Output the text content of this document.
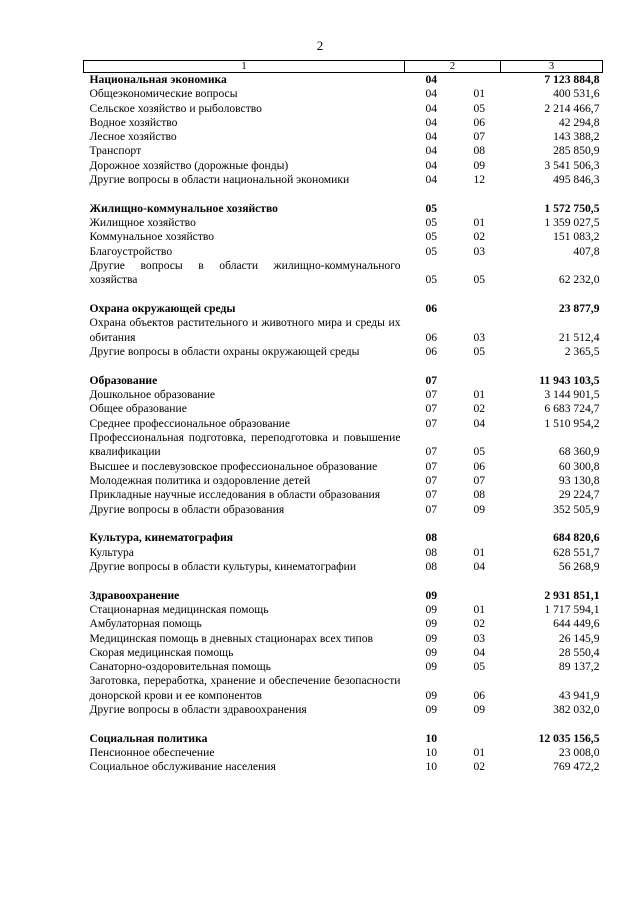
2
1	2		3
Национальная экономика	04		7 123 884,8
Общеэкономические вопросы	04	01	400 531,6
Сельское хозяйство и рыболовство	04	05	2 214 466,7
Водное хозяйство	04	06	42 294,8
Лесное хозяйство	04	07	143 388,2
Транспорт	04	08	285 850,9
Дорожное хозяйство (дорожные фонды)	04	09	3 541 506,3
Другие вопросы в области национальной экономики	04	12	495 846,3

Жилищно-коммунальное хозяйство	05		1 572 750,5
Жилищное хозяйство	05	01	1 359 027,5
Коммунальное хозяйство	05	02	151 083,2
Благоустройство	05	03	407,8
Другие вопросы в области жилищно-коммунального хозяйства	05	05	62 232,0

Охрана окружающей среды	06		23 877,9
Охрана объектов растительного и животного мира и среды их обитания	06	03	21 512,4
Другие вопросы в области охраны окружающей среды	06	05	2 365,5

Образование	07		11 943 103,5
Дошкольное образование	07	01	3 144 901,5
Общее образование	07	02	6 683 724,7
Среднее профессиональное образование	07	04	1 510 954,2
Профессиональная подготовка, переподготовка и повышение квалификации	07	05	68 360,9
Высшее и послевузовское профессиональное образование	07	06	60 300,8
Молодежная политика и оздоровление детей	07	07	93 130,8
Прикладные научные исследования в области образования	07	08	29 224,7
Другие вопросы в области образования	07	09	352 505,9

Культура, кинематография	08		684 820,6
Культура	08	01	628 551,7
Другие вопросы в области культуры, кинематографии	08	04	56 268,9

Здравоохранение	09		2 931 851,1
Стационарная медицинская помощь	09	01	1 717 594,1
Амбулаторная помощь	09	02	644 449,6
Медицинская помощь в дневных стационарах всех типов	09	03	26 145,9
Скорая медицинская помощь	09	04	28 550,4
Санаторно-оздоровительная помощь	09	05	89 137,2
Заготовка, переработка, хранение и обеспечение безопасности донорской крови и ее компонентов	09	06	43 941,9
Другие вопросы в области здравоохранения	09	09	382 032,0

Социальная политика	10		12 035 156,5
Пенсионное обеспечение	10	01	23 008,0
Социальное обслуживание населения	10	02	769 472,2
